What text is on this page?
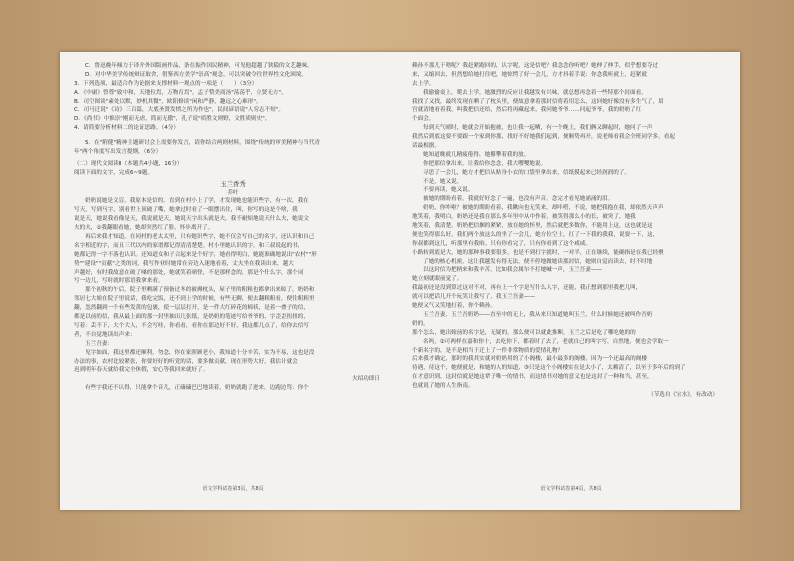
C．鲁迅晚年倾力于译介外国版画作品，条在振作国民精神，可见他超越了狭隘的文艺趣味。
D．对中华美学传统辩证取舍，借鉴西方美学"崇高"观念，可以突破令往世界性文化困境。
3．下列选项，最适合作为论据来支撑材料一观点的一项是（　　）（3分）
A．《中庸》曾尊"致中和，天地位焉，万物育焉"，孟子赞美商汤"荡荡乎，立贤无方"。
B．司空图谈"素处以默，妙机其微"，欧阳修谈"闲和严静，趣远之心难形"。
C．司马迁说"《诗》三百篇，大底圣贤发愤之所为作也"，民间谚语说"人穷志不短"。
D．《尚书》中推崇"刚而无虐，简而无傲"，孔子说"质胜文则野，文胜质则史"。
4．请简要分析材料二的论证思路。（4分）
5．在"附健"精神主题研讨会上需要你发言，请你结合两则材料，围绕"传统的审美精神与当代青
年"两个角度写出发言提纲。（6分）
（二）现代文阅读Ⅱ（本题共4小题，16分）
阅读下面的文字，完成6~9题。
玉兰香秀
乔叶
奶奶说她是文盲，我原本是信的。直到在村小上了学，才发现她也能识些字，有一次，我在
写天，写到马字，别看世上顶破了嘴，她拿过时看了一眼摆出住，叫，你写的这是个啥，我
说是天，她说我看像是天，我说就是天，她说天字出头就是夫，我不耐烦地说天什么夫，她说文
夫的夫，①我翻眼看她，她却突然红了脸，怀步离开了。
再后来我才知道，在同村的老太太里，只有她识些字，她不仅会写自己的名字，还认识和自己
名字相近的字，而且三代以内的家谱都记得清清楚楚。村小里她认识的字，和三叔说起的书，
她都记得一字不落也认识。还知道女和子合起来是个好字，她看得明白，她能准确地说出"农村""形
势""建设""贡献"之类的词，我写作业时她常在旁边入迷地看着，丈夫坐在我读出来，越大
声越好，有时我故意在破了嗓的那处，她就笑着嗔怪，不是那样念的，那是个什么字，那个词
写一边儿，写时就时那语我拿来看。
那个初秋的午后，院子里晒满了预备过冬的被褥枕头，屋子里的粗粗也都拿出来晾了，奶奶和
邻居七大娘在院子里说话，我吃完饭，还不到上学的时候，有些无聊，便去翻粗粗看，便往粗粗里
翻，忽然翻到一个有些发黄的包裹，使一层层打开，是一件大红碎花的棉袄，是着一叠子的信，
都是以前的信，我从最上面的那一封里抽出几张纸，是奶奶的笔迹写给爷爷的，字歪歪扭扭的，
写着：丢不下，大个大人，不会写哇，你看看，看你在那边好不好，我这都几点了，给你去信写
者，不自觉地读出声来：
玉兰吾妻：
见字如面，我这里都还顺利，勿念，你在家照顾老小，我知道十分辛苦，实为不易，这也是没
办法的事，农村比较紧张，你要好好的听党的话，要多做贡献，现在形势大好，我估计就会
迟到明年春天就给我完全休假，安心等我回来就好了。
夫绍功即日
有些字我还不认得，只能拿个音儿，正磕磕巴巴地读着，奶奶就跑了进来，边跑边骂：你个
语文学科试卷第3页，共8页
赖孙不那儿干啥呢？我赶紧跑回的，认字呢，这是信吧？我念念你听吧？她伸了伸手，似乎想要夺过
来，又缩回去，但然想给她打住吧，她惊愕了好一会儿，方才抖着手说：你念我听就上，赶紧就
去上学。
我偷偷桌上，爬去上学，她激烈的反应让我越发有兴味，就总想再念着一些特那个封面看，
我找了又找，最终发现在晒了了枕头里，便故意拿着那封信将着用怎么，这回她好像没有多生气了，眉
宫就清地看着我，叫我把信还给，然后将再藏起来，我问她爷爷……问起爷爷，我的奶奶了红
个面会。
每到天气晴时，她就会开始抱被，也让我一起晒，有一个晚上，我们俩又聊起时，她问了一声
我然后到底这要不要跟一个家到你那，找好不好她我们起到，便顺势再开，说老师看我会全班同学多，看起
话最根据。
她知道晚就几精疲倦得，她攥攀着我的放。
你把那信拿出来，让我给你念念，我大嘤嘤地说。
寻思了一会儿，她方才把信从贴身小衣的口袋里拿出来，信纸摸起来已经润润的了。
不是，她又说。
不要再读，她又说。
被她的期盼看着，我就好好念了一遍，也没有声音，念完才看见她涌涌的泪。
奶奶，你咋啦？被她的期盼看着，我瞅向也无笑来，却咔嗒，不说，她把我抱在我，却依然天声声
地笑着，我明白，奶奶还是我在那么多年里中从中作着，被笑得那么小的长，被突了，她我
地笑着，我清楚，奶奶把信捆的紧紧，放在她的怀里，然后就把多数你，不能用上这，这也就是这
便也笑得那么好，我们两个放这么的坐了一会儿，她方位空土，扛了一下我的我我，说要一下，这，
你叔都到这儿，听那里有我咱。只有你看完了，只有你看到了这个咸咸。
小路转到底是大，她的那种事我要很多，也是不到打字就时，一对半，正在继续，能确指是在我已经聚
了她的核心机密，这让我越发有得无法，便不停地做她读那封信，她则自觉而读去，时不时地
以这封信为把柄来和我辛苦，比如我会属尔不打她喊一声，玉兰吾妻——
她立刻就眼前觉了。
我最初还是没到算过这对不对，再有上一个字是写什么人字，还能，我正想到那里我把儿叫，
就可以把话儿开个玩笑让我写了，我玉兰吾妻——
她便又气又笑地打着，你个赖孙。
玉兰吾妻，玉兰吾奶奶——直至中的无上，我从来只知道她叫玉兰，什么时候她还被叫作吾奶
奶的。
那个怎么，她出嫁前的名字是，无疑的，那么便可以就此推断，玉兰之后是吃了哪吃她的的
名吗，②可两样在嘉和你十，去吃你下，都着时了去了，老就自己的叫字写，自然地，便也会学取一
个新名字的，是不是相当于迁上了一件非常物质的爱情礼物？
后来我才确定，那时的我其实就对奶奶用的了小阁楼，最小最多的阁楼，因为一个还最高的阁楼
待遇，待这个，她便就是，和她的人的知道，③只是这个小阁楼实在是太小了，太赖清了，以至于多年后的到了
在才意识到，这封信就是她这辈子唯一的情书，而这情书对她的意义也是这封了一种和当，甚至，
也就说了她的人生指南。
（节选自《宝水》，有改动）
语文学科试卷第4页，共8页
